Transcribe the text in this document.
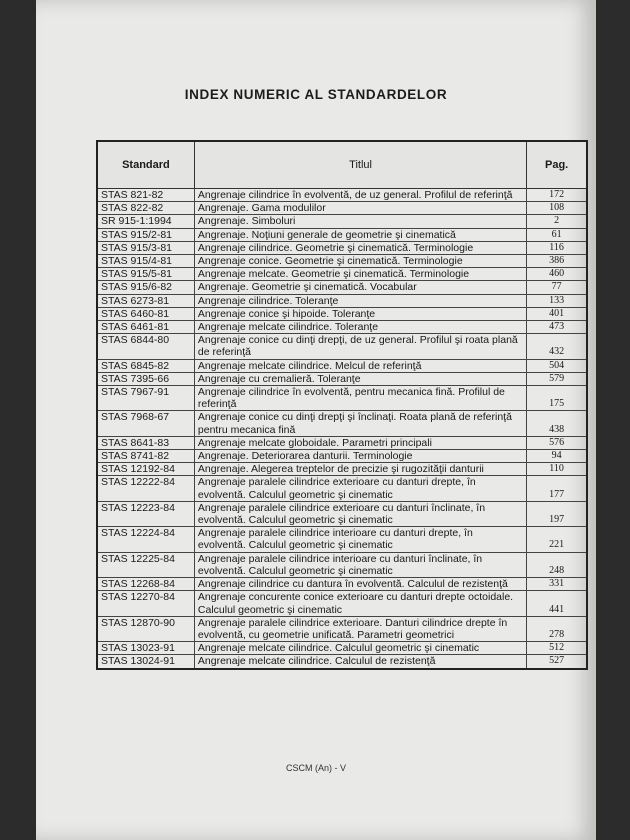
INDEX NUMERIC AL STANDARDELOR
Standard	Titlul	Pag.
STAS 821-82	Angrenaje cilindrice în evolventă, de uz general. Profilul de referinţă	172
STAS 822-82	Angrenaje. Gama modulilor	108
SR 915-1:1994	Angrenaje. Simboluri	2
STAS 915/2-81	Angrenaje. Noţiuni generale de geometrie şi cinematică	61
STAS 915/3-81	Angrenaje cilindrice. Geometrie şi cinematică. Terminologie	116
STAS 915/4-81	Angrenaje conice. Geometrie şi cinematică. Terminologie	386
STAS 915/5-81	Angrenaje melcate. Geometrie şi cinematică. Terminologie	460
STAS 915/6-82	Angrenaje. Geometrie şi cinematică. Vocabular	77
STAS 6273-81	Angrenaje cilindrice. Toleranţe	133
STAS 6460-81	Angrenaje conice şi hipoide. Toleranţe	401
STAS 6461-81	Angrenaje melcate cilindrice. Toleranţe	473
STAS 6844-80	Angrenaje conice cu dinţi drepţi, de uz general. Profilul şi roata plană de referinţă	432
STAS 6845-82	Angrenaje melcate cilindrice. Melcul de referinţă	504
STAS 7395-66	Angrenaje cu cremalieră. Toleranţe	579
STAS 7967-91	Angrenaje cilindrice în evolventă, pentru mecanica fină. Profilul de referinţă	175
STAS 7968-67	Angrenaje conice cu dinţi drepţi şi înclinaţi. Roata plană de referinţă pentru mecanica fină	438
STAS 8641-83	Angrenaje melcate globoidale. Parametri principali	576
STAS 8741-82	Angrenaje. Deteriorarea danturii. Terminologie	94
STAS 12192-84	Angrenaje. Alegerea treptelor de precizie şi rugozităţii danturii	110
STAS 12222-84	Angrenaje paralele cilindrice exterioare cu danturi drepte, în evolventă. Calculul geometric şi cinematic	177
STAS 12223-84	Angrenaje paralele cilindrice exterioare cu danturi înclinate, în evolventă. Calculul geometric şi cinematic	197
STAS 12224-84	Angrenaje paralele cilindrice interioare cu danturi drepte, în evolventă. Calculul geometric şi cinematic	221
STAS 12225-84	Angrenaje paralele cilindrice interioare cu danturi înclinate, în evolventă. Calculul geometric şi cinematic	248
STAS 12268-84	Angrenaje cilindrice cu dantura în evolventă. Calculul de rezistenţă	331
STAS 12270-84	Angrenaje concurente conice exterioare cu danturi drepte octoidale. Calculul geometric şi cinematic	441
STAS 12870-90	Angrenaje paralele cilindrice exterioare. Danturi cilindrice drepte în evolventă, cu geometrie unificată. Parametri geometrici	278
STAS 13023-91	Angrenaje melcate cilindrice. Calculul geometric şi cinematic	512
STAS 13024-91	Angrenaje melcate cilindrice. Calculul de rezistenţă	527
CSCM (An) - V
